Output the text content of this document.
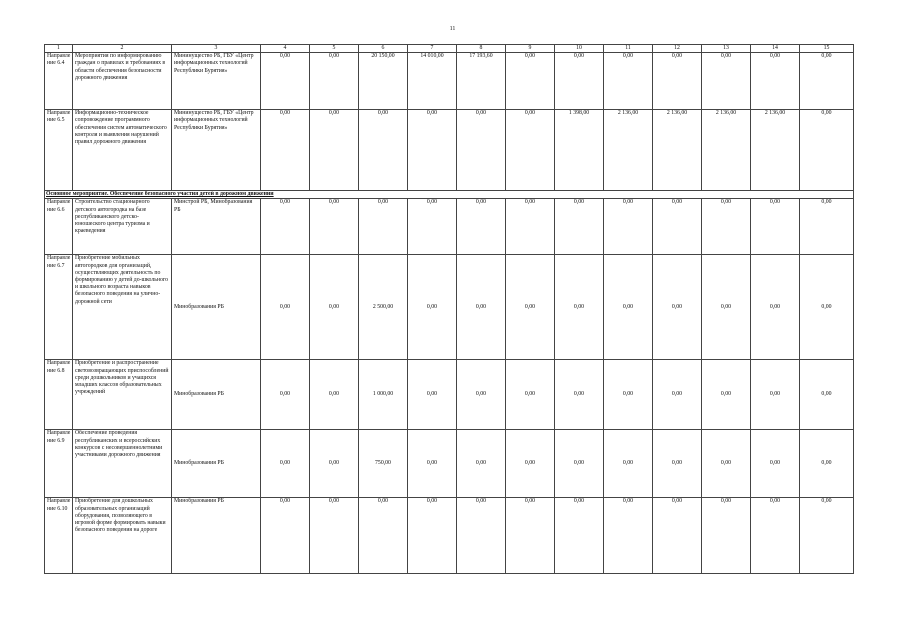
11
1	2	3	4	5	6	7	8	9	10	11	12	13	14	15
Направле ние 6.4	Мероприятия по информированию граждан о правилах и требованиях в области обеспечения безопасности дорожного движения	Мининущество РБ, ГБУ «Центр информационных технологий Республики Бурятия»	0,00	0,00	20 150,00	14 010,00	17 193,60	0,00	0,00	0,00	0,00	0,00	0,00	0,00
Направле ние 6.5	Информационно-техническое сопровождение программного обеспечения систем автоматического контроля и выявления нарушений правил дорожного движения	Мининущество РБ, ГБУ «Центр информационных технологий Республики Бурятия»	0,00	0,00	0,00	0,00	0,00	0,00	1 398,00	2 136,00	2 136,00	2 136,00	2 136,00	0,00
Основное мероприятие. Обеспечение безопасного участия детей в дорожном движении														
Направле ние 6.6	Строительство стационарного детского автогородка на базе республиканского детско-юношеского центра туризма и краеведения	Минстрой РБ, Минобразования РБ	0,00	0,00	0,00	0,00	0,00	0,00	0,00	0,00	0,00	0,00	0,00	0,00
Направле ние 6.7	Приобретение мобильных автогородков для организаций, осуществляющих деятельность по формированию у детей до-школьного и школьного возраста навыков безопасного поведения на улично-дорожной сети	Минобразования РБ	0,00	0,00	2 500,00	0,00	0,00	0,00	0,00	0,00	0,00	0,00	0,00	0,00
Направле ние 6.8	Приобретение и распространение световозвращающих приспособлений среди дошкольников и учащихся младших классов образовательных учреждений	Минобразования РБ	0,00	0,00	1 000,00	0,00	0,00	0,00	0,00	0,00	0,00	0,00	0,00	0,00
Направле ние 6.9	Обеспечение проведения республиканских и всероссийских конкурсов с несовершеннолетними участниками дорожного движения	Минобразования РБ	0,00	0,00	750,00	0,00	0,00	0,00	0,00	0,00	0,00	0,00	0,00	0,00
Направле ние 6.10	Приобретение для дошкольных образовательных организаций оборудования, позволяющего в игровой форме формировать навыки безопасного поведения на дороге	Минобразования РБ	0,00	0,00	0,00	0,00	0,00	0,00	0,00	0,00	0,00	0,00	0,00	0,00
